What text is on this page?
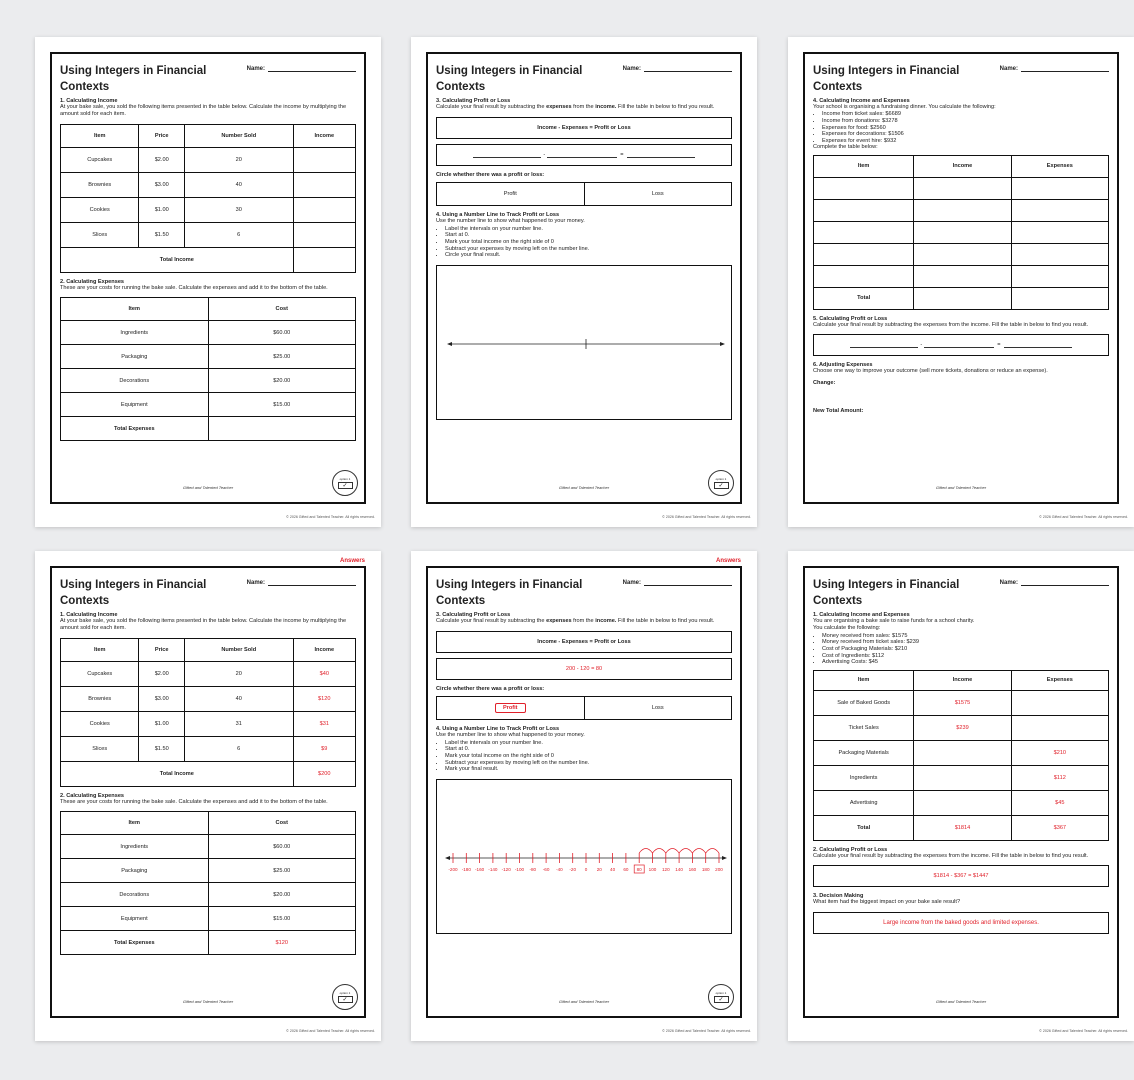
Using Integers in Financial Contexts
Name:
1. Calculating Income
At your bake sale, you sold the following items presented in the table below. Calculate the income by multiplying the amount sold for each item.
Item	Price	Number Sold	Income
Cupcakes	$2.00	20	
Brownies	$3.00	40	
Cookies	$1.00	30	
Slices	$1.50	6	
Total Income			
2. Calculating Expenses
These are your costs for running the bake sale. Calculate the expenses and add it to the bottom of the table.
Item	Cost
Ingredients	$60.00
Packaging	$25.00
Decorations	$20.00
Equipment	$15.00
Total Expenses	
Gifted and Talented Teacher
option 1
✓
© 2026 Gifted and Talented Teacher. All rights reserved.
Using Integers in Financial Contexts
Name:
3. Calculating Profit or Loss
Calculate your final result by subtracting the expenses from the income. Fill the table in below to find you result.
Income - Expenses = Profit or Loss
-	=
Circle whether there was a profit or loss:
Profit	Loss
4. Using a Number Line to Track Profit or Loss
Use the number line to show what happened to your money.
• Label the intervals on your number line.
• Start at 0.
• Mark your total income on the right side of 0
• Subtract your expenses by moving left on the number line.
• Circle your final result.
Gifted and Talented Teacher
option 1
✓
© 2026 Gifted and Talented Teacher. All rights reserved.
Using Integers in Financial Contexts
Name:
4. Calculating Income and Expenses
Your school is organising a fundraising dinner. You calculate the following:
• Income from ticket sales: $6689
• Income from donations: $3278
• Expenses for food: $2560
• Expenses for decorations: $1506
• Expenses for event hire: $932
Complete the table below:
Item	Income	Expenses

Total		
5. Calculating Profit or Loss
Calculate your final result by subtracting the expenses from the income. Fill the table in below to find you result.
-	=
6. Adjusting Expenses
Choose one way to improve your outcome (sell more tickets, donations or reduce an expense).
Change:
New Total Amount:
Gifted and Talented Teacher
© 2026 Gifted and Talented Teacher. All rights reserved.
Answers
Using Integers in Financial Contexts
Name:
1. Calculating Income
At your bake sale, you sold the following items presented in the table below. Calculate the income by multiplying the amount sold for each item.
Item	Price	Number Sold	Income
Cupcakes	$2.00	20	$40
Brownies	$3.00	40	$120
Cookies	$1.00	31	$31
Slices	$1.50	6	$9
Total Income			$200
2. Calculating Expenses
These are your costs for running the bake sale. Calculate the expenses and add it to the bottom of the table.
Item	Cost
Ingredients	$60.00
Packaging	$25.00
Decorations	$20.00
Equipment	$15.00
Total Expenses	$120
Gifted and Talented Teacher
option 1
✓
© 2026 Gifted and Talented Teacher. All rights reserved.
Answers
Using Integers in Financial Contexts
Name:
3. Calculating Profit or Loss
Calculate your final result by subtracting the expenses from the income. Fill the table in below to find you result.
Income - Expenses = Profit or Loss
200 - 120 = 80
Circle whether there was a profit or loss:
Profit	Loss
4. Using a Number Line to Track Profit or Loss
Use the number line to show what happened to your money.
• Label the intervals on your number line.
• Start at 0.
• Mark your total income on the right side of 0
• Subtract your expenses by moving left on the number line.
• Mark your final result.
-200 -180 -160 -140 -120 -100 -80 -60 -40 -20 0 20 40 60 80 100 120 140 160 180 200
Gifted and Talented Teacher
option 1
✓
© 2026 Gifted and Talented Teacher. All rights reserved.
Using Integers in Financial Contexts
Name:
1. Calculating Income and Expenses
You are organising a bake sale to raise funds for a school charity.
You calculate the following:
• Money received from sales: $1575
• Money received from ticket sales: $239
• Cost of Packaging Materials: $210
• Cost of Ingredients: $112
• Advertising Costs: $45
Item	Income	Expenses
Sale of Baked Goods	$1575	
Ticket Sales	$239	
Packaging Materials		$210
Ingredients		$112
Advertising		$45
Total	$1814	$367
2. Calculating Profit or Loss
Calculate your final result by subtracting the expenses from the income. Fill the table in below to find you result.
$1814 - $367 = $1447
3. Decision Making
What item had the biggest impact on your bake sale result?
Large income from the baked goods and limited expenses.
Gifted and Talented Teacher
© 2026 Gifted and Talented Teacher. All rights reserved.
